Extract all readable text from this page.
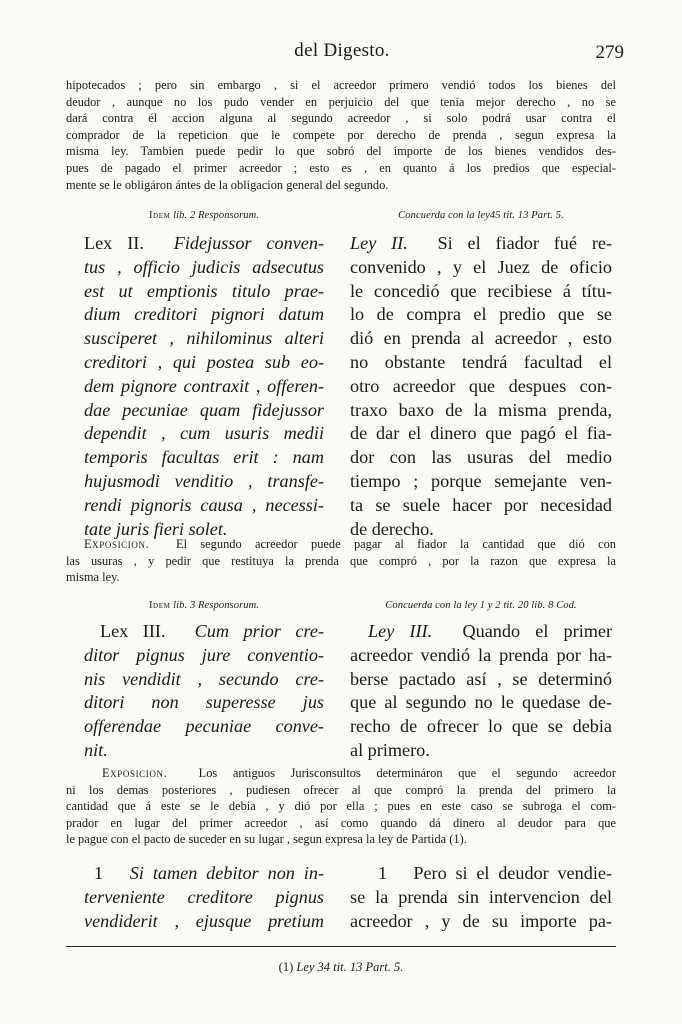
del Digesto.	279
hipotecados ; pero sin embargo , si el acreedor primero vendió todos los bienes del
deudor , aunque no los pudo vender en perjuicio del que tenia mejor derecho , no se
dará contra él accion alguna al segundo acreedor , si solo podrá usar contra el
comprador de la repeticion que le compete por derecho de prenda , segun expresa la
misma ley. Tambien puede pedir lo que sobró del importe de los bienes vendidos des-
pues de pagado el primer acreedor ; esto es , en quanto á los predios que especial-
mente se le obligáron ántes de la obligacion general del segundo.
Idem lib. 2 Responsorum.	Concuerda con la ley45 tit. 13 Part. 5.
Lex II. Fidejussor conven-
tus , officio judicis adsecutus
est ut emptionis titulo prae-
dium creditori pignori datum
susciperet , nihilominus alteri
creditori , qui postea sub eo-
dem pignore contraxit , offeren-
dae pecuniae quam fidejussor
dependit , cum usuris medii
temporis facultas erit : nam
hujusmodi venditio , transfe-
rendi pignoris causa , necessi-
tate juris fieri solet.
Ley II. Si el fiador fué re-
convenido , y el Juez de oficio
le concedió que recibiese á títu-
lo de compra el predio que se
dió en prenda al acreedor , esto
no obstante tendrá facultad el
otro acreedor que despues con-
traxo baxo de la misma prenda,
de dar el dinero que pagó el fia-
dor con las usuras del medio
tiempo ; porque semejante ven-
ta se suele hacer por necesidad
de derecho.
Exposicion. El segundo acreedor puede pagar al fiador la cantidad que dió con
las usuras , y pedir que restituya la prenda que compró , por la razon que expresa la
misma ley.
Idem lib. 3 Responsorum.	Concuerda con la ley 1 y 2 tit. 20 lib. 8 Cod.
Lex III. Cum prior cre-
ditor pignus jure conventio-
nis vendidit , secundo cre-
ditori non superesse jus
offerendae pecuniae conve-
nit.
Ley III. Quando el primer
acreedor vendió la prenda por ha-
berse pactado así , se determinó
que al segundo no le quedase de-
recho de ofrecer lo que se debia
al primero.
Exposicion.	Los antiguos Jurisconsultos determináron que el segundo acreedor
ni los demas posteriores , pudiesen ofrecer al que compró la prenda del primero la
cantidad que á este se le debia , y dió por ella ; pues en este caso se subroga el com-
prador en lugar del primer acreedor , así como quando dá dinero al deudor para que
le pague con el pacto de suceder en su lugar , segun expresa la ley de Partida (1).
1 Si tamen debitor non in-
terveniente creditore pignus
vendiderit , ejusque pretium
1 Pero si el deudor vendie-
se la prenda sin intervencion del
acreedor , y de su importe pa-
(1) Ley 34 tit. 13 Part. 5.
